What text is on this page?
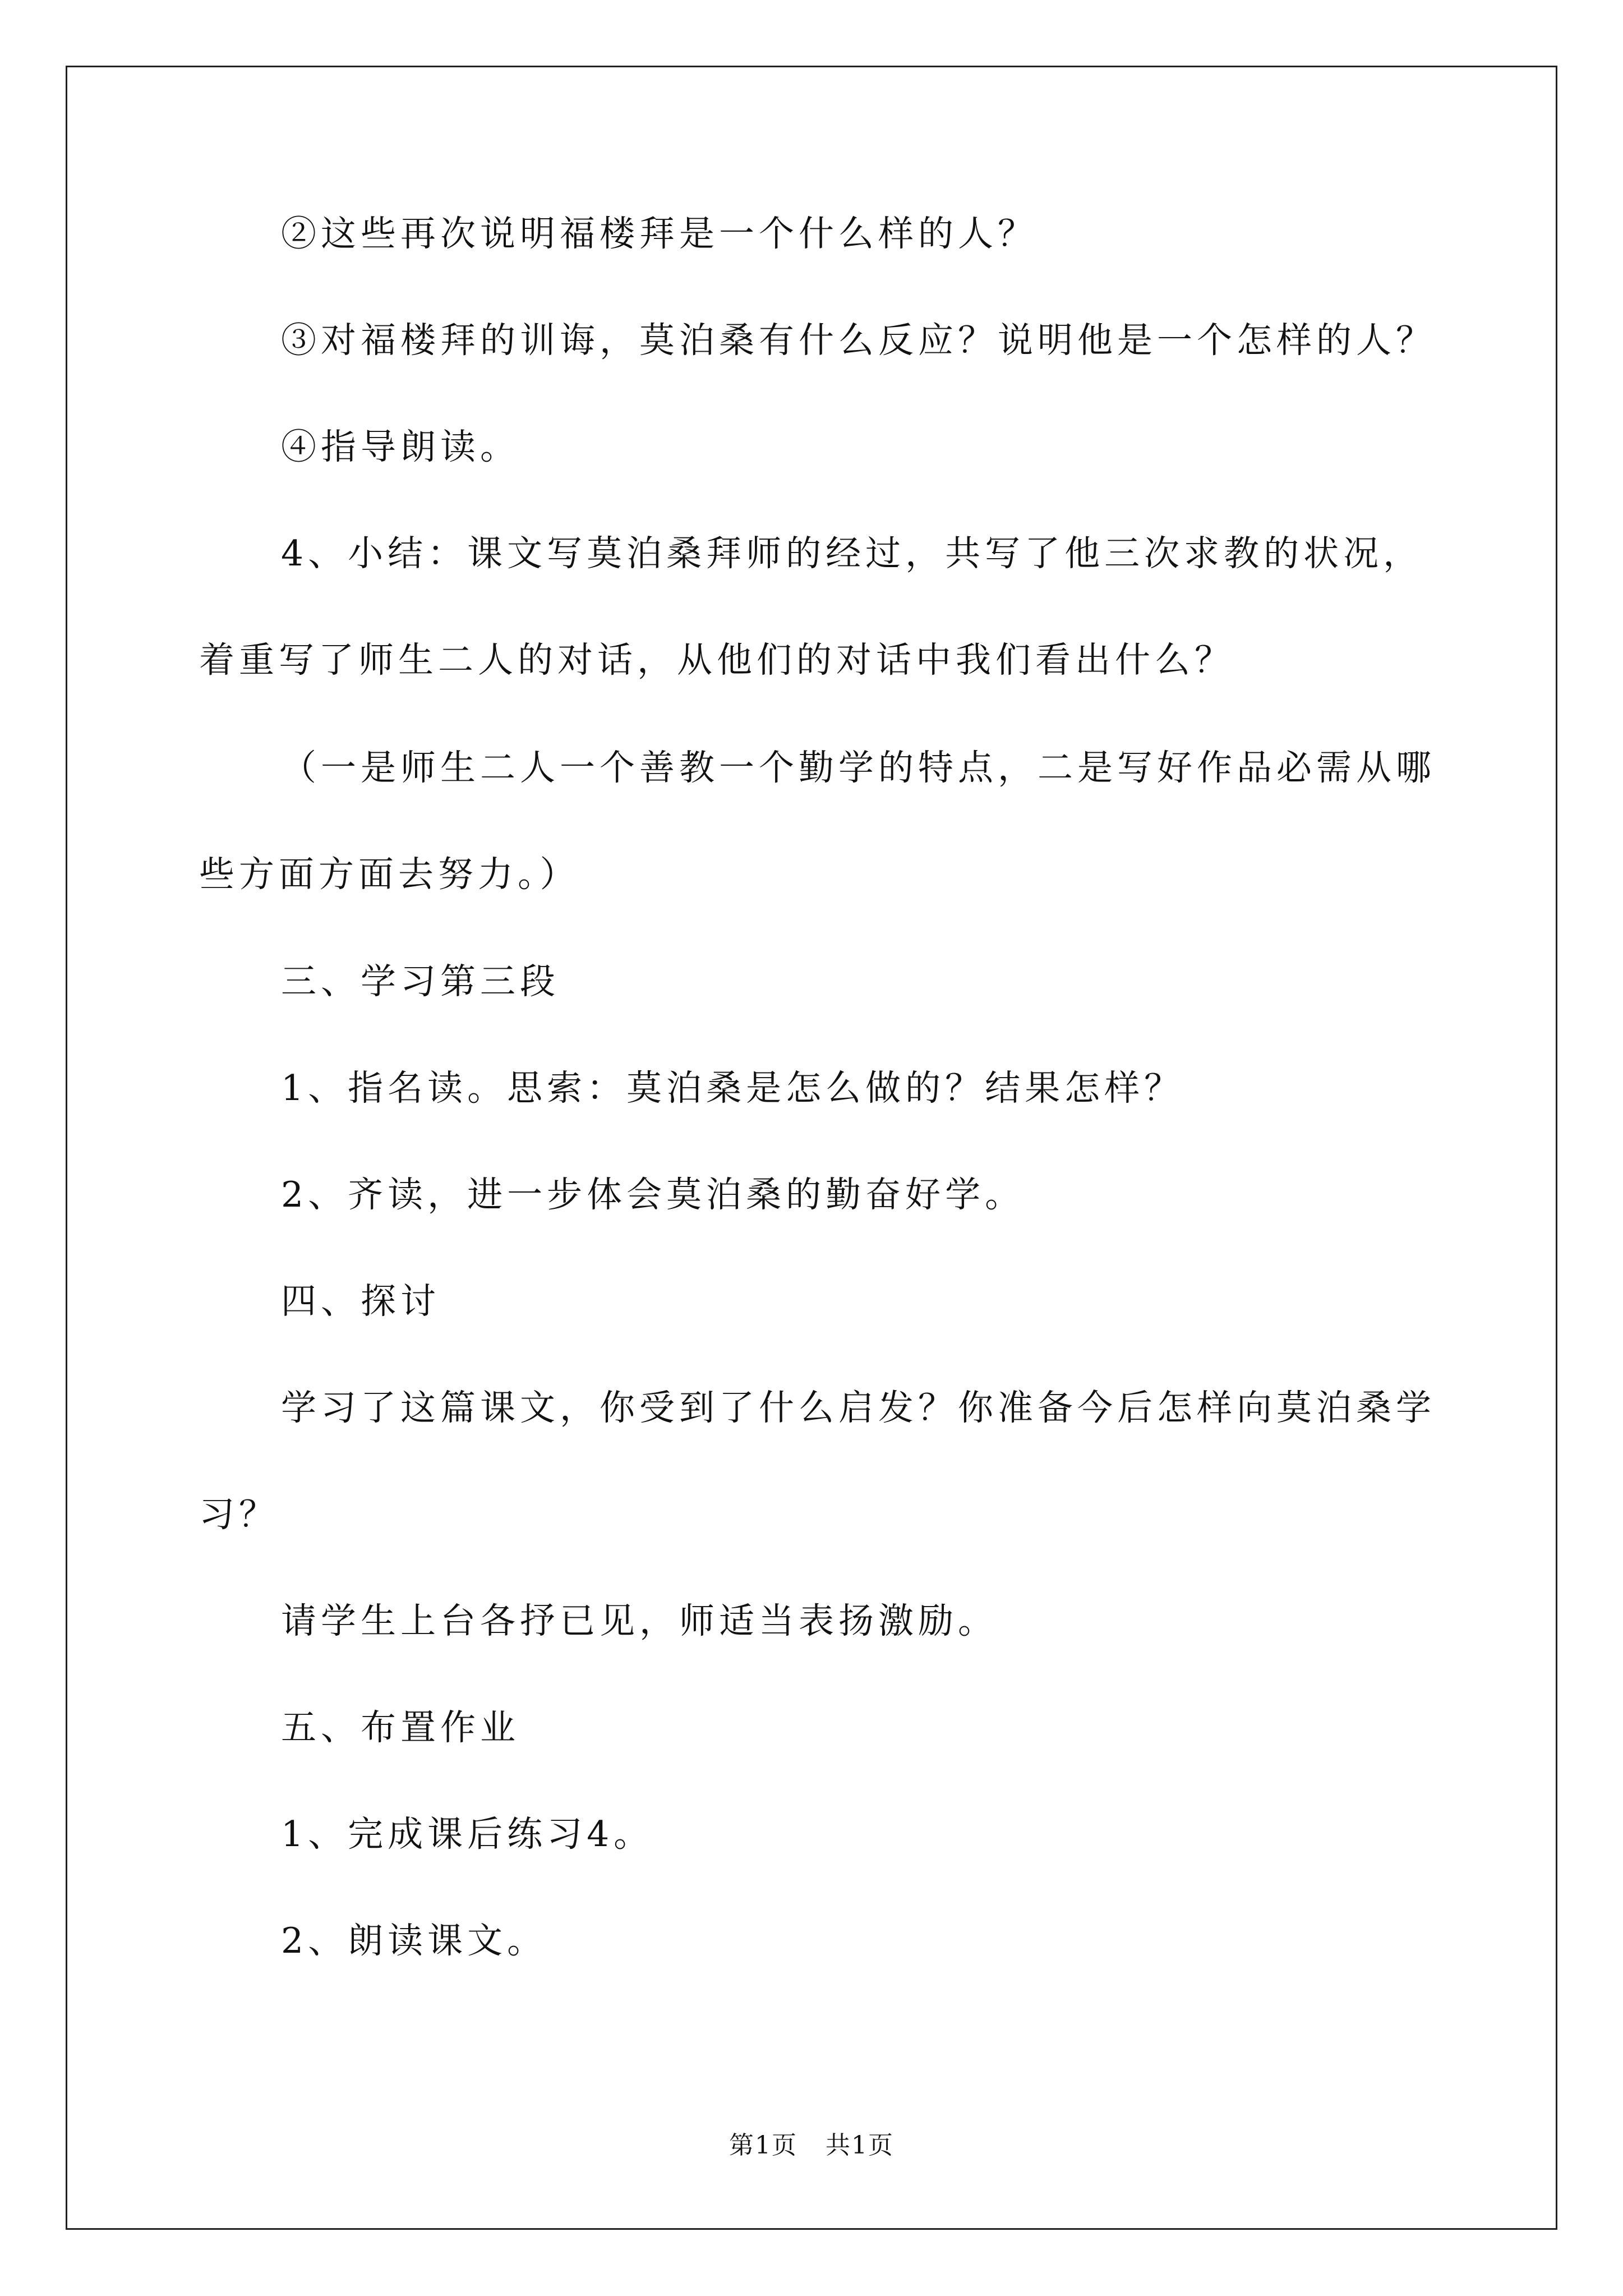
②这些再次说明福楼拜是一个什么样的人？

③对福楼拜的训诲，莫泊桑有什么反应？说明他是一个怎样的人？

④指导朗读。

4、小结：课文写莫泊桑拜师的经过，共写了他三次求教的状况，着重写了师生二人的对话，从他们的对话中我们看出什么？

（一是师生二人一个善教一个勤学的特点，二是写好作品必需从哪些方面方面去努力。）

三、学习第三段

1、指名读。思索：莫泊桑是怎么做的？结果怎样？

2、齐读，进一步体会莫泊桑的勤奋好学。

四、探讨

学习了这篇课文，你受到了什么启发？你准备今后怎样向莫泊桑学习？

请学生上台各抒已见，师适当表扬激励。

五、布置作业

1、完成课后练习4。

2、朗读课文。

第1页 共1页
